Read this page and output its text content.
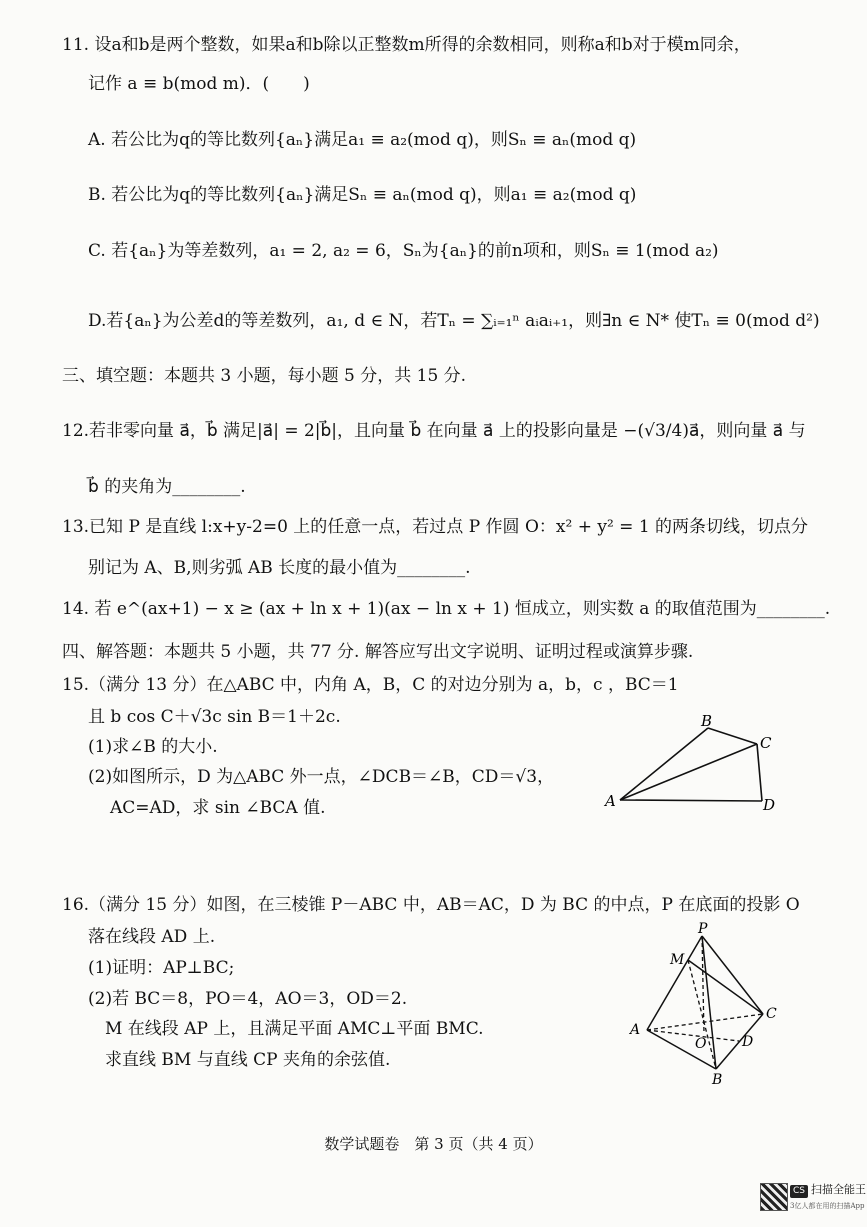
11. 设a和b是两个整数，如果a和b除以正整数m所得的余数相同，则称a和b对于模m同余，
记作 a ≡ b(mod m)．(　　)
A. 若公比为q的等比数列{aₙ}满足a₁ ≡ a₂(mod q)，则Sₙ ≡ aₙ(mod q)
B. 若公比为q的等比数列{aₙ}满足Sₙ ≡ aₙ(mod q)，则a₁ ≡ a₂(mod q)
C. 若{aₙ}为等差数列，a₁ = 2, a₂ = 6，Sₙ为{aₙ}的前n项和，则Sₙ ≡ 1(mod a₂)
D.若{aₙ}为公差d的等差数列，a₁, d ∈ N，若Tₙ = ∑ᵢ₌₁ⁿ aᵢaᵢ₊₁，则∃n ∈ N* 使Tₙ ≡ 0(mod d²)
三、填空题：本题共 3 小题，每小题 5 分，共 15 分.
12.若非零向量 a⃗，b⃗ 满足|a⃗| = 2|b⃗|，且向量 b⃗ 在向量 a⃗ 上的投影向量是 −(√3/4)a⃗，则向量 a⃗ 与
b⃗ 的夹角为________.
13.已知 P 是直线 l:x+y-2=0 上的任意一点，若过点 P 作圆 O：x² + y² = 1 的两条切线，切点分
别记为 A、B,则劣弧 AB 长度的最小值为________.
14. 若 e^(ax+1) − x ≥ (ax + ln x + 1)(ax − ln x + 1) 恒成立，则实数 a 的取值范围为________.
四、解答题：本题共 5 小题，共 77 分. 解答应写出文字说明、证明过程或演算步骤.
15.（满分 13 分）在△ABC 中，内角 A，B，C 的对边分别为 a，b，c ，BC＝1
且 b cos C＋√3c sin B＝1＋2c.
(1)求∠B 的大小.
(2)如图所示，D 为△ABC 外一点，∠DCB＝∠B，CD＝√3，
AC=AD，求 sin ∠BCA 值.	A
B
C
D
16.（满分 15 分）如图，在三棱锥 P－ABC 中，AB＝AC，D 为 BC 的中点，P 在底面的投影 O
落在线段 AD 上.
(1)证明：AP⊥BC;
(2)若 BC＝8，PO＝4，AO＝3，OD＝2.
M 在线段 AP 上，且满足平面 AMC⊥平面 BMC.
求直线 BM 与直线 CP 夹角的余弦值.
P
M
A
C
O	D
B
数学试题卷　第 3 页（共 4 页）
CS 扫描全能王
3亿人都在用的扫描App
